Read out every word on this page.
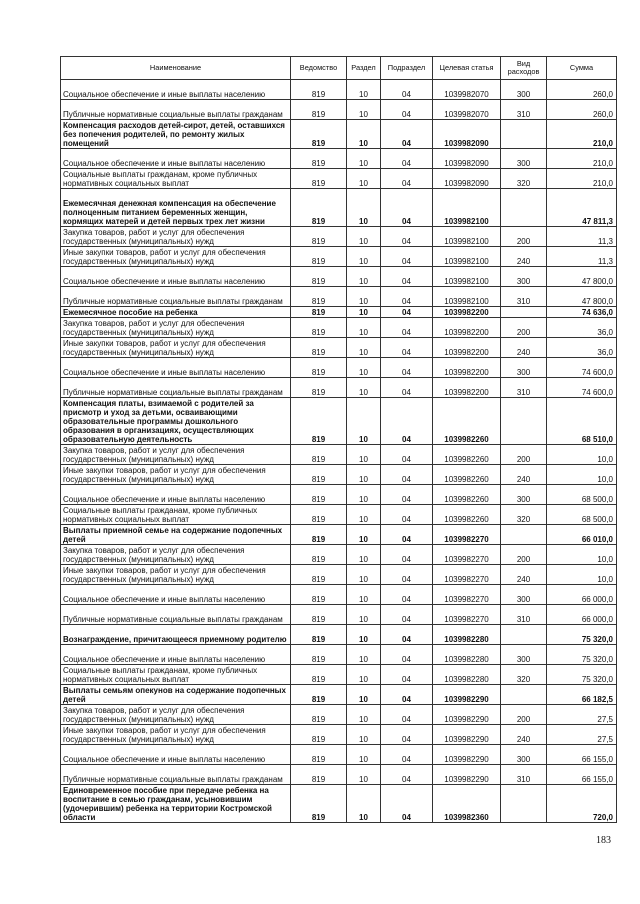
Наименование	Ведомство	Раздел	Подраздел	Целевая статья	Вид расходов	Сумма
Социальное обеспечение и иные выплаты населению	819	10	04	1039982070	300	260,0
Публичные нормативные социальные выплаты гражданам	819	10	04	1039982070	310	260,0
Компенсация расходов детей-сирот, детей, оставшихся без попечения родителей, по ремонту жилых помещений	819	10	04	1039982090		210,0
Социальное обеспечение и иные выплаты населению	819	10	04	1039982090	300	210,0
Социальные выплаты гражданам, кроме публичных нормативных социальных выплат	819	10	04	1039982090	320	210,0
Ежемесячная денежная компенсация на обеспечение полноценным питанием беременных женщин, кормящих матерей и детей первых трех лет жизни	819	10	04	1039982100		47 811,3
Закупка товаров, работ и услуг для обеспечения государственных (муниципальных) нужд	819	10	04	1039982100	200	11,3
Иные закупки товаров, работ и услуг для обеспечения государственных (муниципальных) нужд	819	10	04	1039982100	240	11,3
Социальное обеспечение и иные выплаты населению	819	10	04	1039982100	300	47 800,0
Публичные нормативные социальные выплаты гражданам	819	10	04	1039982100	310	47 800,0
Ежемесячное пособие на ребенка	819	10	04	1039982200		74 636,0
Закупка товаров, работ и услуг для обеспечения государственных (муниципальных) нужд	819	10	04	1039982200	200	36,0
Иные закупки товаров, работ и услуг для обеспечения государственных (муниципальных) нужд	819	10	04	1039982200	240	36,0
Социальное обеспечение и иные выплаты населению	819	10	04	1039982200	300	74 600,0
Публичные нормативные социальные выплаты гражданам	819	10	04	1039982200	310	74 600,0
Компенсация платы, взимаемой с родителей за присмотр и уход за детьми, осваивающими образовательные программы дошкольного образования в организациях, осуществляющих образовательную деятельность	819	10	04	1039982260		68 510,0
Закупка товаров, работ и услуг для обеспечения государственных (муниципальных) нужд	819	10	04	1039982260	200	10,0
Иные закупки товаров, работ и услуг для обеспечения государственных (муниципальных) нужд	819	10	04	1039982260	240	10,0
Социальное обеспечение и иные выплаты населению	819	10	04	1039982260	300	68 500,0
Социальные выплаты гражданам, кроме публичных нормативных социальных выплат	819	10	04	1039982260	320	68 500,0
Выплаты приемной семье на содержание подопечных детей	819	10	04	1039982270		66 010,0
Закупка товаров, работ и услуг для обеспечения государственных (муниципальных) нужд	819	10	04	1039982270	200	10,0
Иные закупки товаров, работ и услуг для обеспечения государственных (муниципальных) нужд	819	10	04	1039982270	240	10,0
Социальное обеспечение и иные выплаты населению	819	10	04	1039982270	300	66 000,0
Публичные нормативные социальные выплаты гражданам	819	10	04	1039982270	310	66 000,0
Вознаграждение, причитающееся приемному родителю	819	10	04	1039982280		75 320,0
Социальное обеспечение и иные выплаты населению	819	10	04	1039982280	300	75 320,0
Социальные выплаты гражданам, кроме публичных нормативных социальных выплат	819	10	04	1039982280	320	75 320,0
Выплаты семьям опекунов на содержание подопечных детей	819	10	04	1039982290		66 182,5
Закупка товаров, работ и услуг для обеспечения государственных (муниципальных) нужд	819	10	04	1039982290	200	27,5
Иные закупки товаров, работ и услуг для обеспечения государственных (муниципальных) нужд	819	10	04	1039982290	240	27,5
Социальное обеспечение и иные выплаты населению	819	10	04	1039982290	300	66 155,0
Публичные нормативные социальные выплаты гражданам	819	10	04	1039982290	310	66 155,0
Единовременное пособие при передаче ребенка на воспитание в семью гражданам, усыновившим (удочерившим) ребенка на территории Костромской области	819	10	04	1039982360		720,0
183
